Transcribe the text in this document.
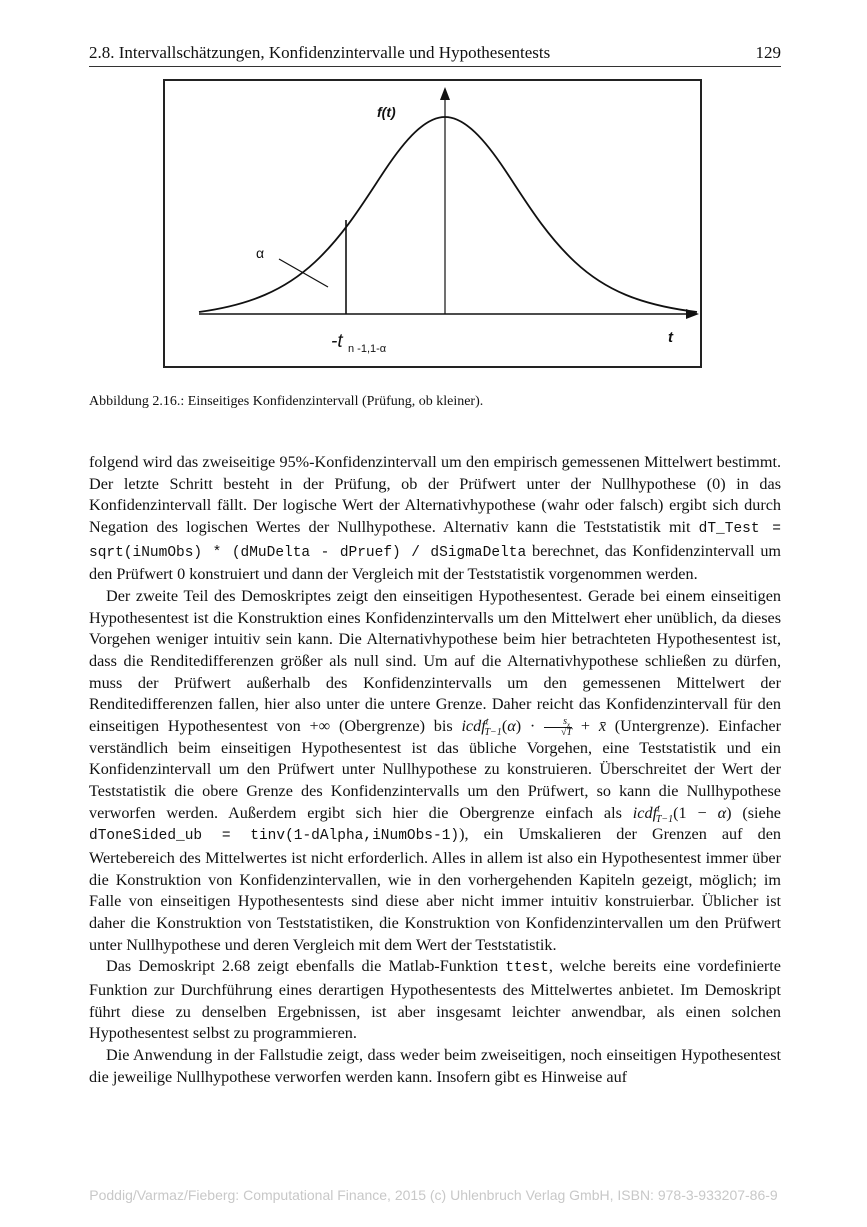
2.8. Intervallschätzungen, Konfidenzintervalle und Hypothesentests	129
f(t)
t
α
-t n -1,1-α
Abbildung 2.16.: Einseitiges Konfidenzintervall (Prüfung, ob kleiner).

folgend wird das zweiseitige 95%-Konfidenzintervall um den empirisch gemessenen Mittelwert bestimmt. Der letzte Schritt besteht in der Prüfung, ob der Prüfwert unter der Nullhypothese (0) in das Konfidenzintervall fällt. Der logische Wert der Alternativhypothese (wahr oder falsch) ergibt sich durch Negation des logischen Wertes der Nullhypothese. Alternativ kann die Teststatistik mit dT_Test = sqrt(iNumObs) * (dMuDelta - dPruef) / dSigmaDelta berechnet, das Konfidenzintervall um den Prüfwert 0 konstruiert und dann der Vergleich mit der Teststatistik vorgenommen werden.

Der zweite Teil des Demoskriptes zeigt den einseitigen Hypothesentest. Gerade bei einem einseitigen Hypothesentest ist die Konstruktion eines Konfidenzintervalls um den Mittelwert eher unüblich, da dieses Vorgehen weniger intuitiv sein kann. Die Alternativhypothese beim hier betrachteten Hypothesentest ist, dass die Renditedifferenzen größer als null sind. Um auf die Alternativhypothese schließen zu dürfen, muss der Prüfwert außerhalb des Konfidenzintervalls um den gemessenen Mittelwert der Renditedifferenzen fallen, hier also unter die untere Grenze. Daher reicht das Konfidenzintervall für den einseitigen Hypothesentest von +∞ (Obergrenze) bis icdf$^t_{T-1}$(α) · $\frac{s_x}{√T}$ + x̄ (Untergrenze). Einfacher verständlich beim einseitigen Hypothesentest ist das übliche Vorgehen, eine Teststatistik und ein Konfidenzintervall um den Prüfwert unter Nullhypothese zu konstruieren. Überschreitet der Wert der Teststatistik die obere Grenze des Konfidenzintervalls um den Prüfwert, so kann die Nullhypothese verworfen werden. Außerdem ergibt sich hier die Obergrenze einfach als icdf$^t_{T-1}$(1 − α) (siehe dToneSided_ub = tinv(1-dAlpha,iNumObs-1)), ein Umskalieren der Grenzen auf den Wertebereich des Mittelwertes ist nicht erforderlich. Alles in allem ist also ein Hypothesentest immer über die Konstruktion von Konfidenzintervallen, wie in den vorhergehenden Kapiteln gezeigt, möglich; im Falle von einseitigen Hypothesentests sind diese aber nicht immer intuitiv konstruierbar. Üblicher ist daher die Konstruktion von Teststatistiken, die Konstruktion von Konfidenzintervallen um den Prüfwert unter Nullhypothese und deren Vergleich mit dem Wert der Teststatistik.

Das Demoskript 2.68 zeigt ebenfalls die Matlab-Funktion ttest, welche bereits eine vordefinierte Funktion zur Durchführung eines derartigen Hypothesentests des Mittelwertes anbietet. Im Demoskript führt diese zu denselben Ergebnissen, ist aber insgesamt leichter anwendbar, als einen solchen Hypothesentest selbst zu programmieren.

Die Anwendung in der Fallstudie zeigt, dass weder beim zweiseitigen, noch einseitigen Hypothesentest die jeweilige Nullhypothese verworfen werden kann. Insofern gibt es Hinweise auf

Poddig/Varmaz/Fieberg: Computational Finance, 2015 (c) Uhlenbruch Verlag GmbH, ISBN: 978-3-933207-86-9
